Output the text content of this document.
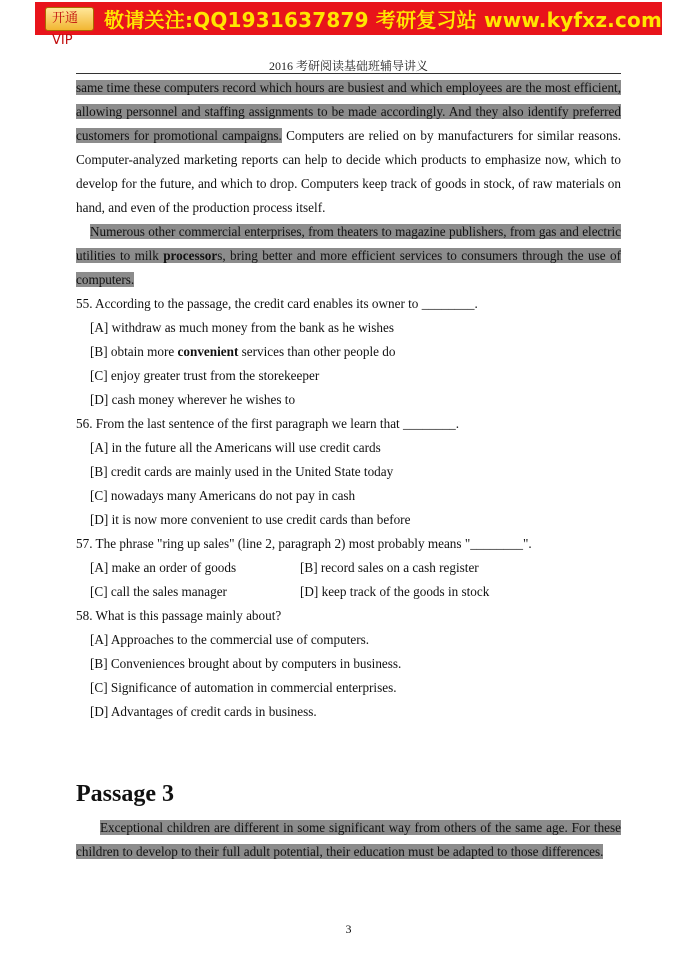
开通VIP
敬请关注:QQ1931637879 考研复习站 www.kyfxz.com
2016 考研阅读基础班辅导讲义

same time these computers record which hours are busiest and which employees are the most efficient, allowing personnel and staffing assignments to be made accordingly. And they also identify preferred customers for promotional campaigns. Computers are relied on by manufacturers for similar reasons. Computer-analyzed marketing reports can help to decide which products to emphasize now, which to develop for the future, and which to drop. Computers keep track of goods in stock, of raw materials on hand, and even of the production process itself.

Numerous other commercial enterprises, from theaters to magazine publishers, from gas and electric utilities to milk processors, bring better and more efficient services to consumers through the use of computers.

55. According to the passage, the credit card enables its owner to ________.

[A] withdraw as much money from the bank as he wishes

[B] obtain more convenient services than other people do

[C] enjoy greater trust from the storekeeper

[D] cash money wherever he wishes to

56. From the last sentence of the first paragraph we learn that ________.

[A] in the future all the Americans will use credit cards

[B] credit cards are mainly used in the United State today

[C] nowadays many Americans do not pay in cash

[D] it is now more convenient to use credit cards than before

57. The phrase "ring up sales" (line 2, paragraph 2) most probably means "________".

[A] make an order of goods	[B] record sales on a cash register
[C] call the sales manager	[D] keep track of the goods in stock

58. What is this passage mainly about?

[A] Approaches to the commercial use of computers.

[B] Conveniences brought about by computers in business.

[C] Significance of automation in commercial enterprises.

[D] Advantages of credit cards in business.

Passage 3

Exceptional children are different in some significant way from others of the same age. For these children to develop to their full adult potential, their education must be adapted to those differences.

3
